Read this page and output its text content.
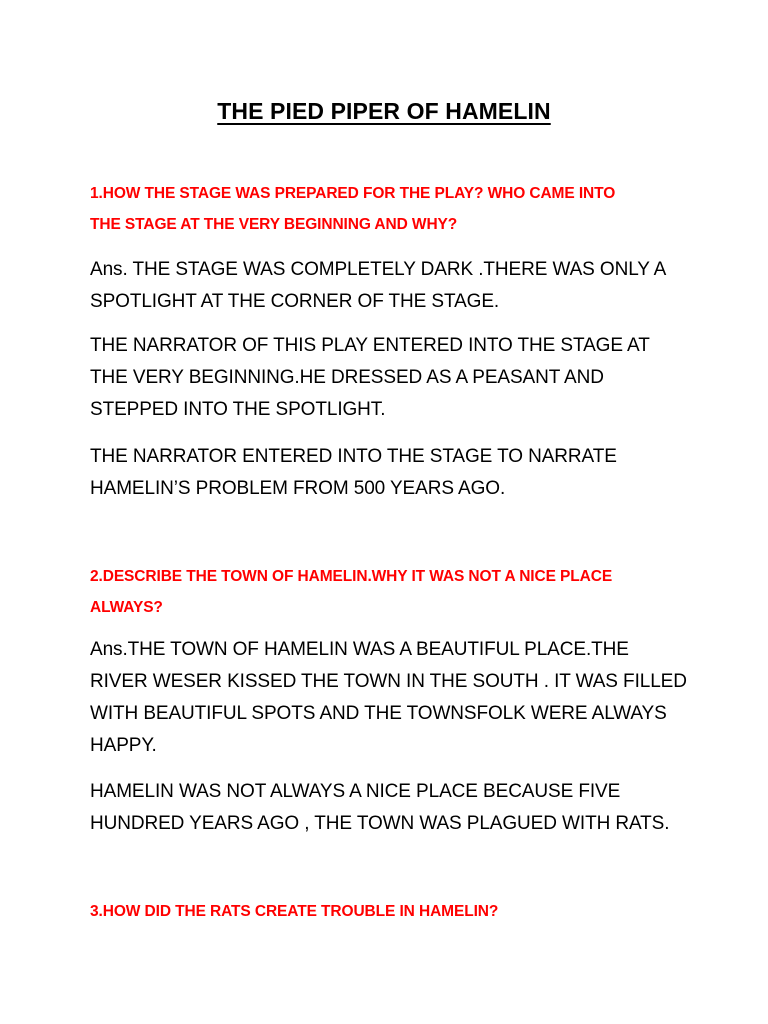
THE PIED PIPER OF HAMELIN
1.HOW THE STAGE WAS PREPARED FOR THE PLAY? WHO CAME INTO
THE STAGE AT THE VERY BEGINNING AND WHY?
Ans. THE STAGE WAS COMPLETELY DARK .THERE WAS ONLY A
SPOTLIGHT AT THE CORNER OF THE STAGE.
THE NARRATOR OF THIS PLAY ENTERED INTO THE STAGE AT
THE VERY BEGINNING.HE DRESSED AS A PEASANT AND
STEPPED INTO THE SPOTLIGHT.
THE NARRATOR ENTERED INTO THE STAGE TO NARRATE
HAMELIN’S PROBLEM FROM 500 YEARS AGO.
2.DESCRIBE THE TOWN OF HAMELIN.WHY IT WAS NOT A NICE PLACE
ALWAYS?
Ans.THE TOWN OF HAMELIN WAS A BEAUTIFUL PLACE.THE
RIVER WESER KISSED THE TOWN IN THE SOUTH . IT WAS FILLED
WITH BEAUTIFUL SPOTS AND THE TOWNSFOLK WERE ALWAYS
HAPPY.
HAMELIN WAS NOT ALWAYS A NICE PLACE BECAUSE FIVE
HUNDRED YEARS AGO , THE TOWN WAS PLAGUED WITH RATS.
3.HOW DID THE RATS CREATE TROUBLE IN HAMELIN?
